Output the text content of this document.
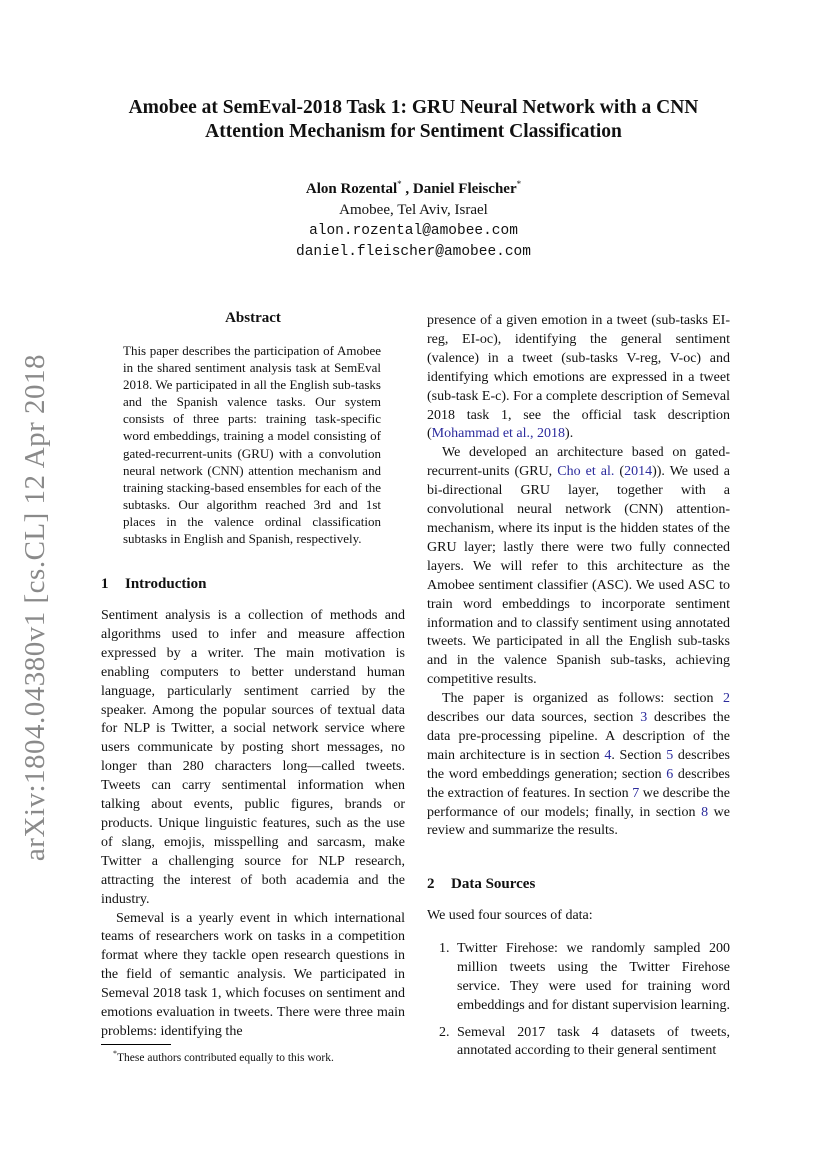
arXiv:1804.04380v1 [cs.CL] 12 Apr 2018
Amobee at SemEval-2018 Task 1: GRU Neural Network with a CNN
Attention Mechanism for Sentiment Classification
Alon Rozental* , Daniel Fleischer*
Amobee, Tel Aviv, Israel
alon.rozental@amobee.com
daniel.fleischer@amobee.com
Abstract
This paper describes the participation of Amobee in the shared sentiment analysis task at SemEval 2018. We participated in all the English sub-tasks and the Spanish valence tasks. Our system consists of three parts: training task-specific word embeddings, training a model consisting of gated-recurrent-units (GRU) with a convolution neural network (CNN) attention mechanism and training stacking-based ensembles for each of the subtasks. Our algorithm reached 3rd and 1st places in the valence ordinal classification subtasks in English and Spanish, respectively.
1 Introduction

Sentiment analysis is a collection of methods and algorithms used to infer and measure affection expressed by a writer. The main motivation is enabling computers to better understand human language, particularly sentiment carried by the speaker. Among the popular sources of textual data for NLP is Twitter, a social network service where users communicate by posting short messages, no longer than 280 characters long—called tweets. Tweets can carry sentimental information when talking about events, public figures, brands or products. Unique linguistic features, such as the use of slang, emojis, misspelling and sarcasm, make Twitter a challenging source for NLP research, attracting the interest of both academia and the industry.

Semeval is a yearly event in which international teams of researchers work on tasks in a competition format where they tackle open research questions in the field of semantic analysis. We participated in Semeval 2018 task 1, which focuses on sentiment and emotions evaluation in tweets. There were three main problems: identifying the

*These authors contributed equally to this work.

presence of a given emotion in a tweet (sub-tasks EI-reg, EI-oc), identifying the general sentiment (valence) in a tweet (sub-tasks V-reg, V-oc) and identifying which emotions are expressed in a tweet (sub-task E-c). For a complete description of Semeval 2018 task 1, see the official task description (Mohammad et al., 2018).

We developed an architecture based on gated-recurrent-units (GRU, Cho et al. (2014)). We used a bi-directional GRU layer, together with a convolutional neural network (CNN) attention-mechanism, where its input is the hidden states of the GRU layer; lastly there were two fully connected layers. We will refer to this architecture as the Amobee sentiment classifier (ASC). We used ASC to train word embeddings to incorporate sentiment information and to classify sentiment using annotated tweets. We participated in all the English sub-tasks and in the valence Spanish sub-tasks, achieving competitive results.

The paper is organized as follows: section 2 describes our data sources, section 3 describes the data pre-processing pipeline. A description of the main architecture is in section 4. Section 5 describes the word embeddings generation; section 6 describes the extraction of features. In section 7 we describe the performance of our models; finally, in section 8 we review and summarize the results.

2 Data Sources

We used four sources of data:

1. Twitter Firehose: we randomly sampled 200 million tweets using the Twitter Firehose service. They were used for training word embeddings and for distant supervision learning.
2. Semeval 2017 task 4 datasets of tweets, annotated according to their general sentiment
